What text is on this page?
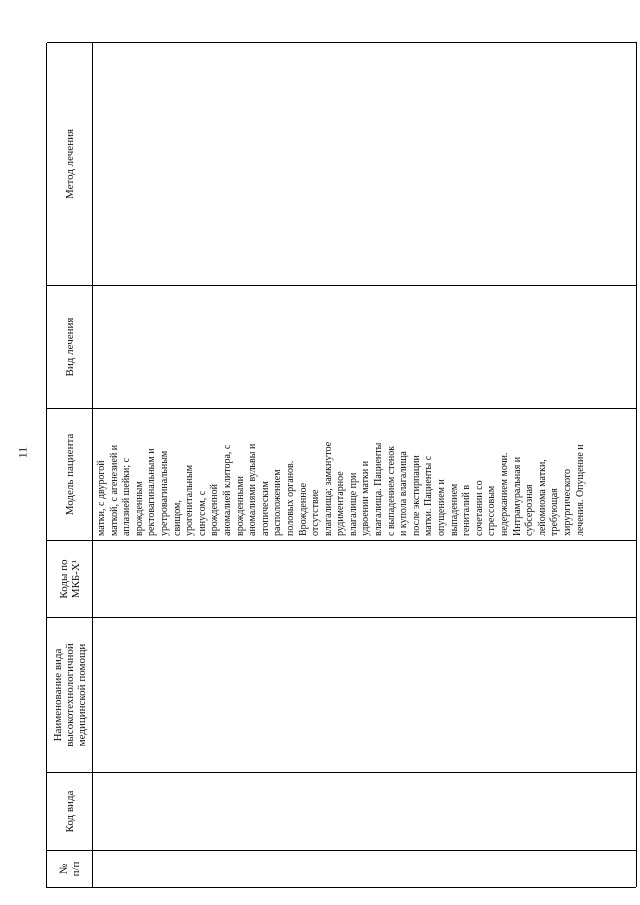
11
№
п/п
Код вида
Наименование вида
высокотехнологичной
медицинской помощи
Коды по
МКБ-Х¹
Модель пациента
Вид лечения
Метод лечения
матки, с двурогой
маткой, с агенезией и
аплазией шейки; с
врожденным
ректовагинальным и
уретровагинальным
свищом,
урогенитальным
синусом, с
врожденной
аномалией клитора, с
врожденными
аномалиями вульвы и
атопическим
расположением
половых органов.
Врожденное
отсутствие
влагалища; замкнутое
рудиментарное
влагалище при
удвоении матки и
влагалища. Пациенты
с выпадением стенок
и купола влагалища
после экстирпации
матки. Пациенты с
опущением и
выпадением
гениталий в
сочетании со
стрессовым
недержанием мочи.
Интрамуральная и
субсерозная
лейомиома матки,
требующая
хирургического
лечения. Опущение и
